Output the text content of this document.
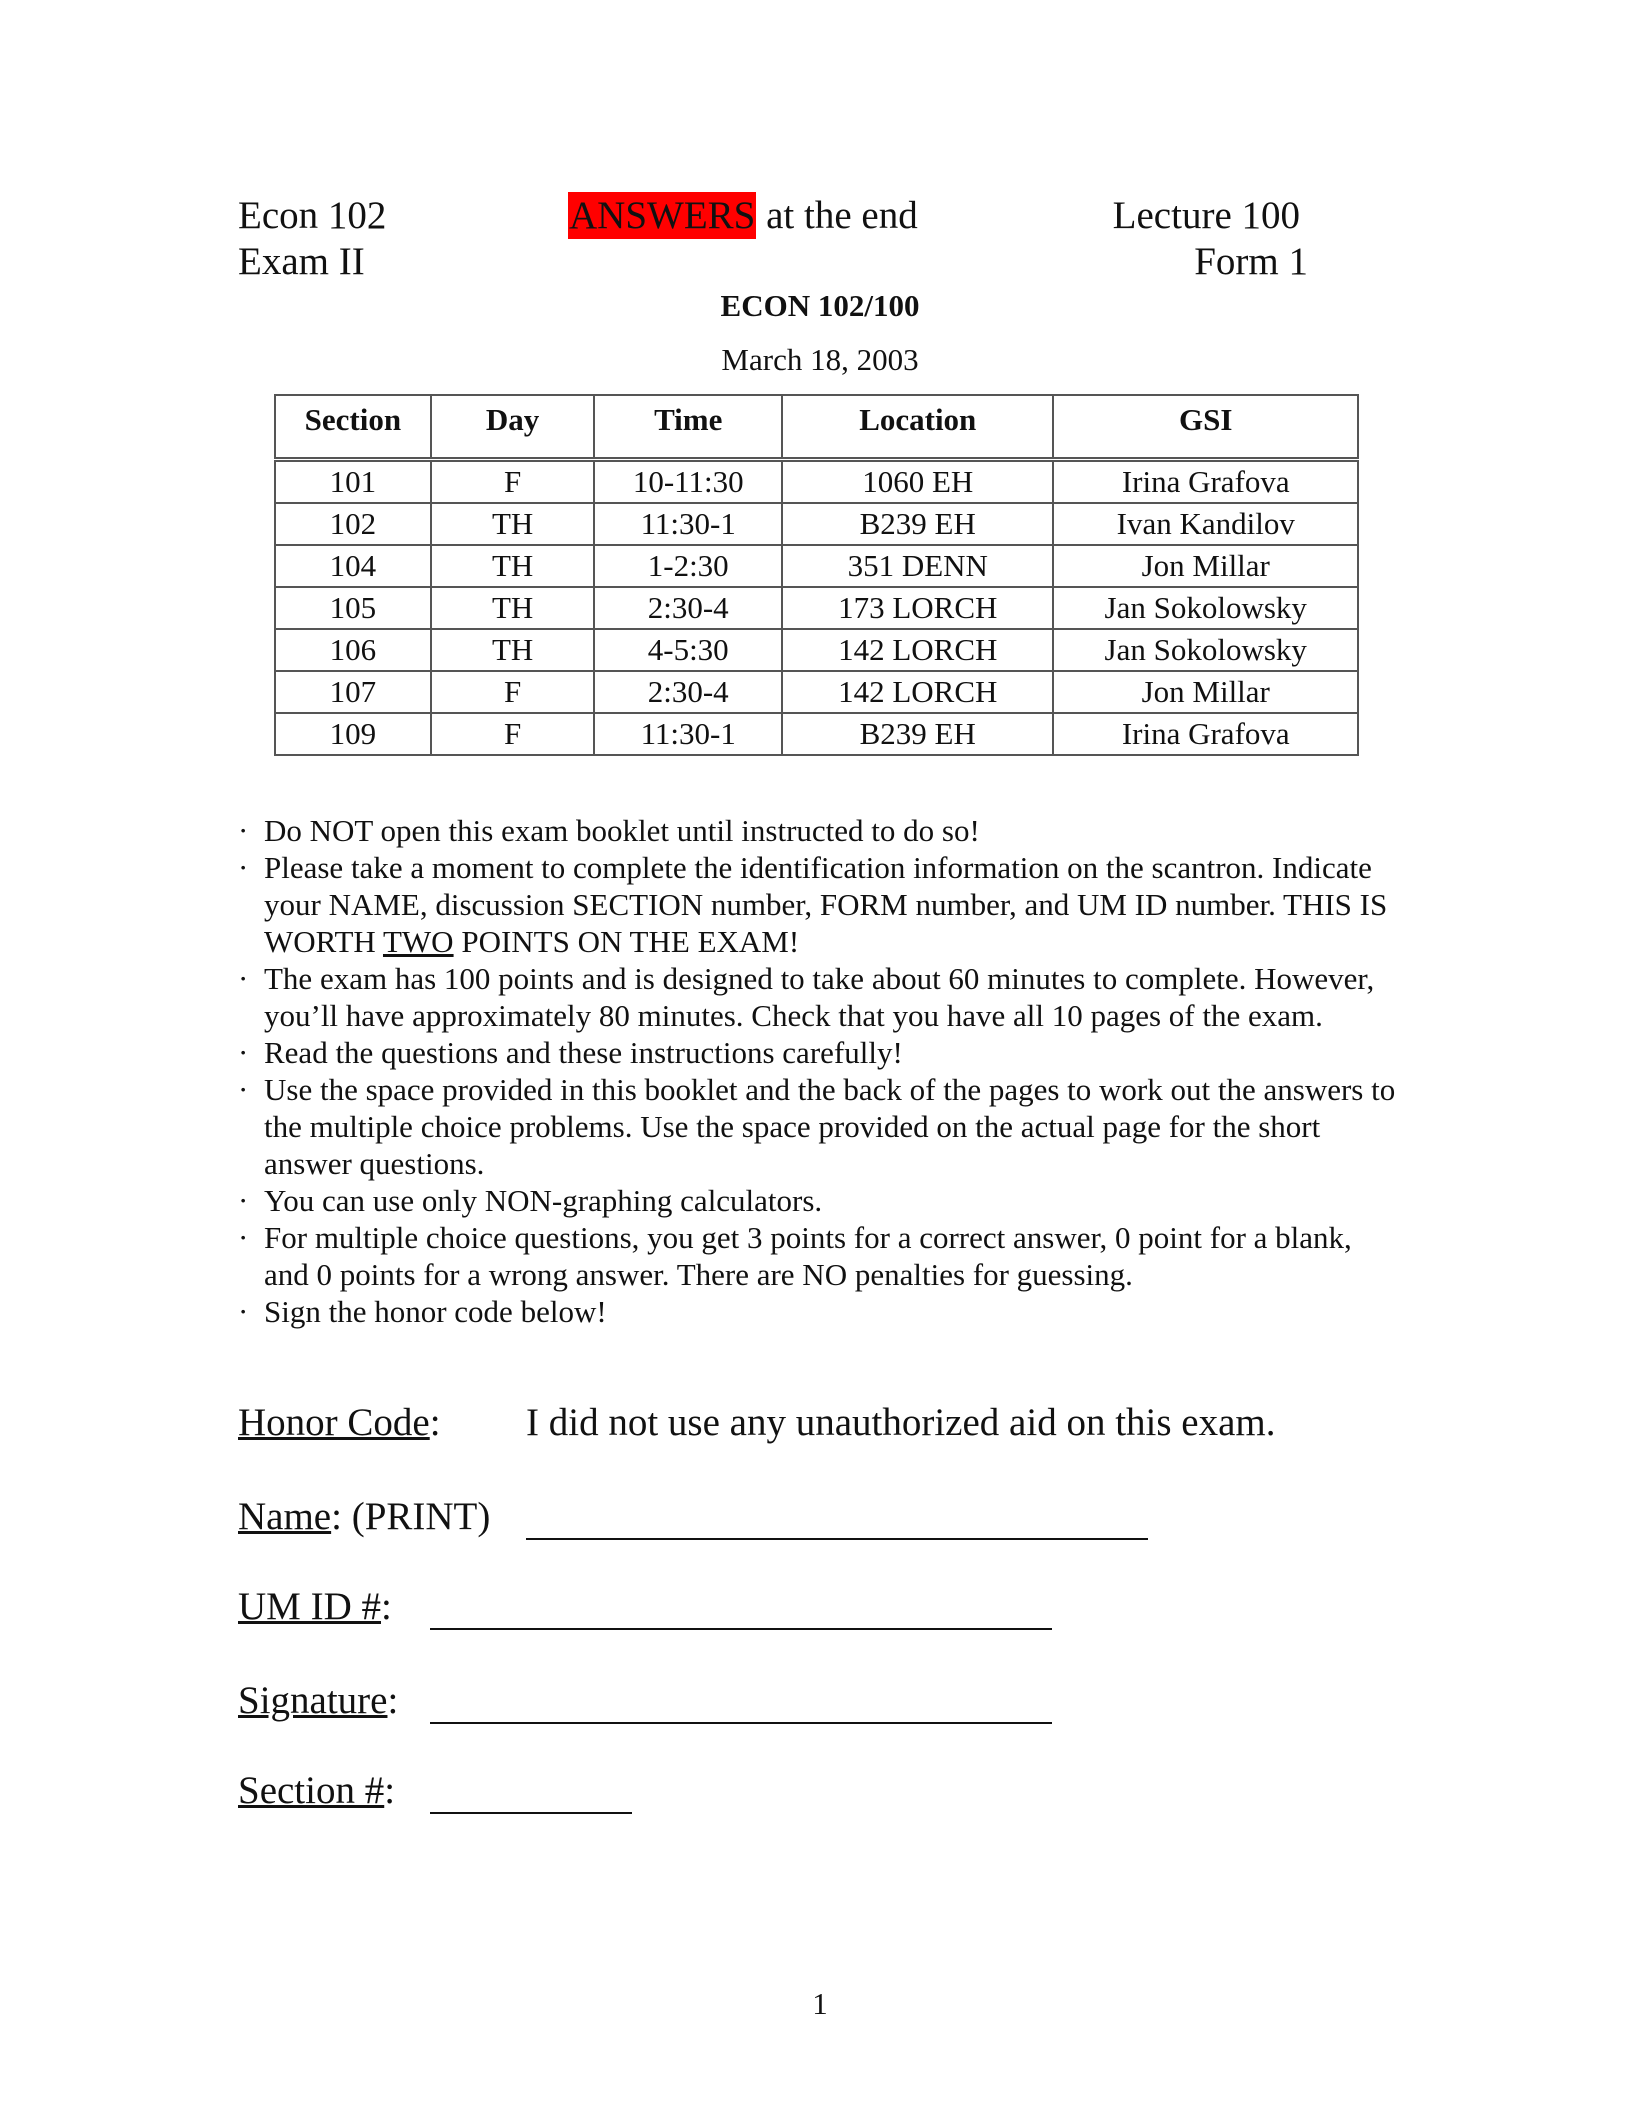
Econ 102
Exam II
ANSWERS at the end	Lecture 100
Form 1
ECON 102/100
March 18, 2003
Section	Day	Time	Location	GSI
101	F	10-11:30	1060 EH	Irina Grafova
102	TH	11:30-1	B239 EH	Ivan Kandilov
104	TH	1-2:30	351 DENN	Jon Millar
105	TH	2:30-4	173 LORCH	Jan Sokolowsky
106	TH	4-5:30	142 LORCH	Jan Sokolowsky
107	F	2:30-4	142 LORCH	Jon Millar
109	F	11:30-1	B239 EH	Irina Grafova
· Do NOT open this exam booklet until instructed to do so!
· Please take a moment to complete the identification information on the scantron. Indicate your NAME, discussion SECTION number, FORM number, and UM ID number. THIS IS WORTH TWO POINTS ON THE EXAM!
· The exam has 100 points and is designed to take about 60 minutes to complete. However, you’ll have approximately 80 minutes. Check that you have all 10 pages of the exam.
· Read the questions and these instructions carefully!
· Use the space provided in this booklet and the back of the pages to work out the answers to the multiple choice problems. Use the space provided on the actual page for the short answer questions.
· You can use only NON-graphing calculators.
· For multiple choice questions, you get 3 points for a correct answer, 0 point for a blank, and 0 points for a wrong answer. There are NO penalties for guessing.
· Sign the honor code below!
Honor Code: I did not use any unauthorized aid on this exam.
Name: (PRINT)
UM ID #:
Signature:
Section #:
1
